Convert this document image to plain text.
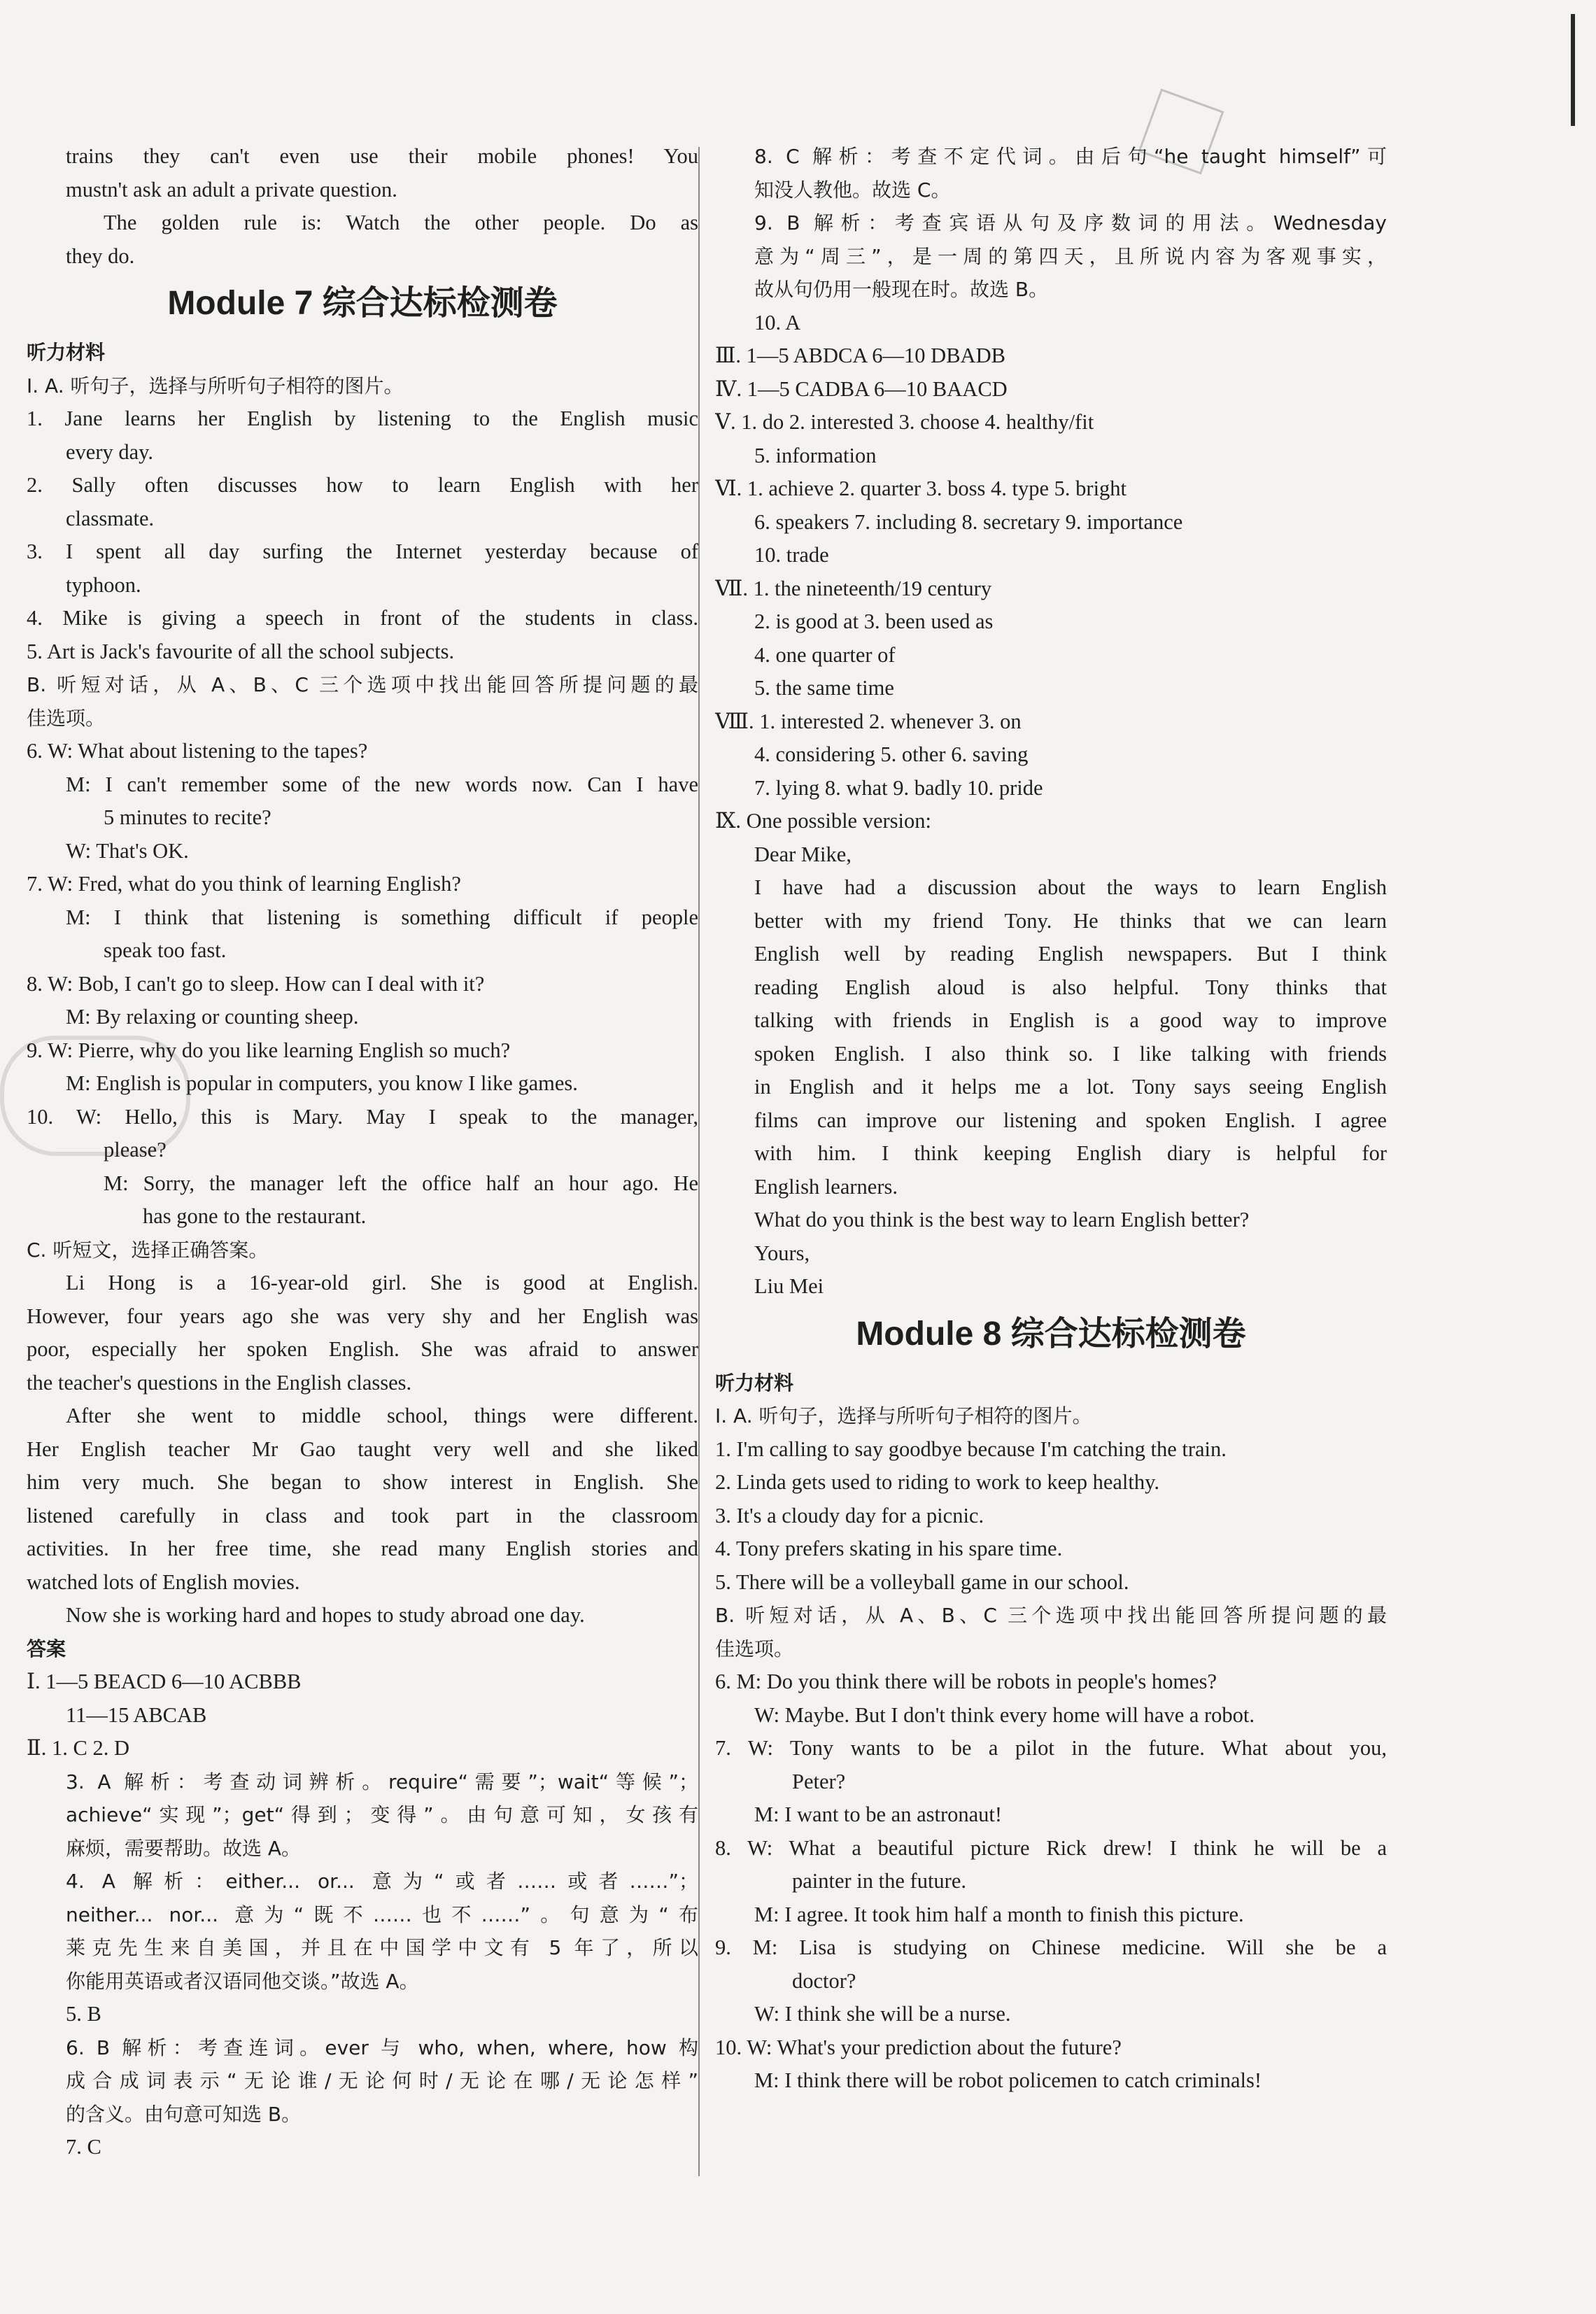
trains they can't even use their mobile phones! You
mustn't ask an adult a private question.
The golden rule is: Watch the other people. Do as
they do.
Module 7 综合达标检测卷
听力材料
Ⅰ. A. 听句子，选择与所听句子相符的图片。
1. Jane learns her English by listening to the English music
every day.
2. Sally often discusses how to learn English with her
classmate.
3. I spent all day surfing the Internet yesterday because of
typhoon.
4. Mike is giving a speech in front of the students in class.
5. Art is Jack's favourite of all the school subjects.
B. 听短对话，从 A、B、C 三个选项中找出能回答所提问题的最
佳选项。
6. W: What about listening to the tapes?
M: I can't remember some of the new words now. Can I have
5 minutes to recite?
W: That's OK.
7. W: Fred, what do you think of learning English?
M: I think that listening is something difficult if people
speak too fast.
8. W: Bob, I can't go to sleep. How can I deal with it?
M: By relaxing or counting sheep.
9. W: Pierre, why do you like learning English so much?
M: English is popular in computers, you know I like games.
10. W: Hello, this is Mary. May I speak to the manager,
please?
M: Sorry, the manager left the office half an hour ago. He
has gone to the restaurant.
C. 听短文，选择正确答案。
Li Hong is a 16-year-old girl. She is good at English.
However, four years ago she was very shy and her English was
poor, especially her spoken English. She was afraid to answer
the teacher's questions in the English classes.
After she went to middle school, things were different.
Her English teacher Mr Gao taught very well and she liked
him very much. She began to show interest in English. She
listened carefully in class and took part in the classroom
activities. In her free time, she read many English stories and
watched lots of English movies.
Now she is working hard and hopes to study abroad one day.
答案
Ⅰ. 1—5 BEACD 6—10 ACBBB
11—15 ABCAB
Ⅱ. 1. C 2. D
3. A 解析：考查动词辨析。require“需要”；wait“等候”；
achieve“实现”；get“得到；变得”。由句意可知，女孩有
麻烦，需要帮助。故选 A。
4. A 解析：either... or... 意为“或者……或者……”；
neither... nor... 意为“既不……也不……”。句意为“布
莱克先生来自美国，并且在中国学中文有 5 年了，所以
你能用英语或者汉语同他交谈。”故选 A。
5. B
6. B 解析：考查连词。ever 与 who, when, where, how 构
成合成词表示“无论谁/无论何时/无论在哪/无论怎样”
的含义。由句意可知选 B。
7. C
8. C 解析：考查不定代词。由后句“he taught himself”可
知没人教他。故选 C。
9. B 解析：考查宾语从句及序数词的用法。Wednesday
意为“周三”，是一周的第四天，且所说内容为客观事实，
故从句仍用一般现在时。故选 B。
10. A
Ⅲ. 1—5 ABDCA 6—10 DBADB
Ⅳ. 1—5 CADBA 6—10 BAACD
Ⅴ. 1. do 2. interested 3. choose 4. healthy/fit
5. information
Ⅵ. 1. achieve 2. quarter 3. boss 4. type 5. bright
6. speakers 7. including 8. secretary 9. importance
10. trade
Ⅶ. 1. the nineteenth/19 century
2. is good at 3. been used as
4. one quarter of
5. the same time
Ⅷ. 1. interested 2. whenever 3. on
4. considering 5. other 6. saving
7. lying 8. what 9. badly 10. pride
Ⅸ. One possible version:
Dear Mike,
I have had a discussion about the ways to learn English
better with my friend Tony. He thinks that we can learn
English well by reading English newspapers. But I think
reading English aloud is also helpful. Tony thinks that
talking with friends in English is a good way to improve
spoken English. I also think so. I like talking with friends
in English and it helps me a lot. Tony says seeing English
films can improve our listening and spoken English. I agree
with him. I think keeping English diary is helpful for
English learners.
What do you think is the best way to learn English better?
Yours,
Liu Mei
Module 8 综合达标检测卷
听力材料
Ⅰ. A. 听句子，选择与所听句子相符的图片。
1. I'm calling to say goodbye because I'm catching the train.
2. Linda gets used to riding to work to keep healthy.
3. It's a cloudy day for a picnic.
4. Tony prefers skating in his spare time.
5. There will be a volleyball game in our school.
B. 听短对话，从 A、B、C 三个选项中找出能回答所提问题的最
佳选项。
6. M: Do you think there will be robots in people's homes?
W: Maybe. But I don't think every home will have a robot.
7. W: Tony wants to be a pilot in the future. What about you,
Peter?
M: I want to be an astronaut!
8. W: What a beautiful picture Rick drew! I think he will be a
painter in the future.
M: I agree. It took him half a month to finish this picture.
9. M: Lisa is studying on Chinese medicine. Will she be a
doctor?
W: I think she will be a nurse.
10. W: What's your prediction about the future?
M: I think there will be robot policemen to catch criminals!
